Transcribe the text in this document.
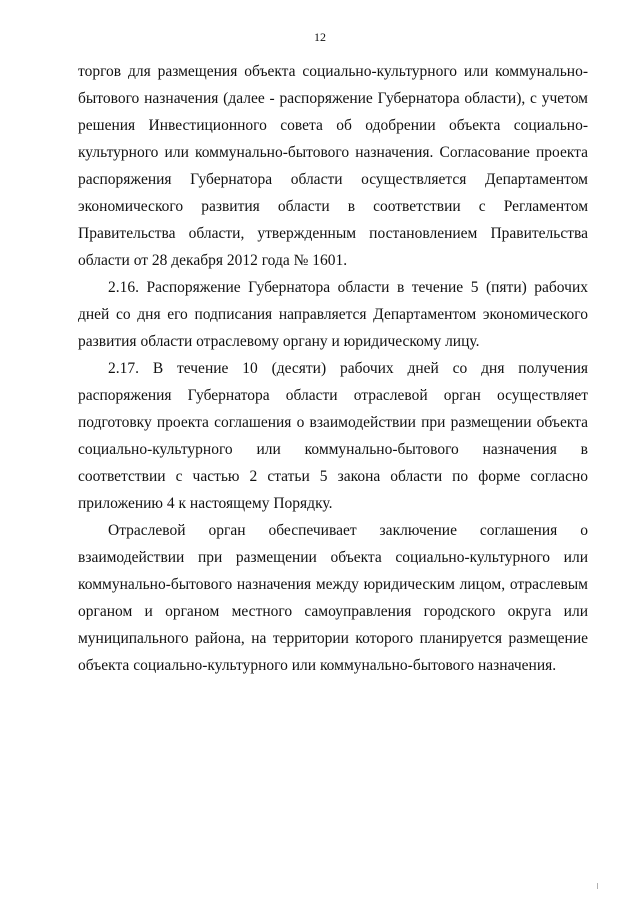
12

торгов для размещения объекта социально-культурного или коммунально-бытового назначения (далее - распоряжение Губернатора области), с учетом решения Инвестиционного совета об одобрении объекта социально-культурного или коммунально-бытового назначения. Согласование проекта распоряжения Губернатора области осуществляется Департаментом экономического развития области в соответствии с Регламентом Правительства области, утвержденным постановлением Правительства области от 28 декабря 2012 года № 1601.

2.16. Распоряжение Губернатора области в течение 5 (пяти) рабочих дней со дня его подписания направляется Департаментом экономического развития области отраслевому органу и юридическому лицу.

2.17. В течение 10 (десяти) рабочих дней со дня получения распоряжения Губернатора области отраслевой орган осуществляет подготовку проекта соглашения о взаимодействии при размещении объекта социально-культурного или коммунально-бытового назначения в соответствии с частью 2 статьи 5 закона области по форме согласно приложению 4 к настоящему Порядку.

Отраслевой орган обеспечивает заключение соглашения о взаимодействии при размещении объекта социально-культурного или коммунально-бытового назначения между юридическим лицом, отраслевым органом и органом местного самоуправления городского округа или муниципального района, на территории которого планируется размещение объекта социально-культурного или коммунально-бытового назначения.
